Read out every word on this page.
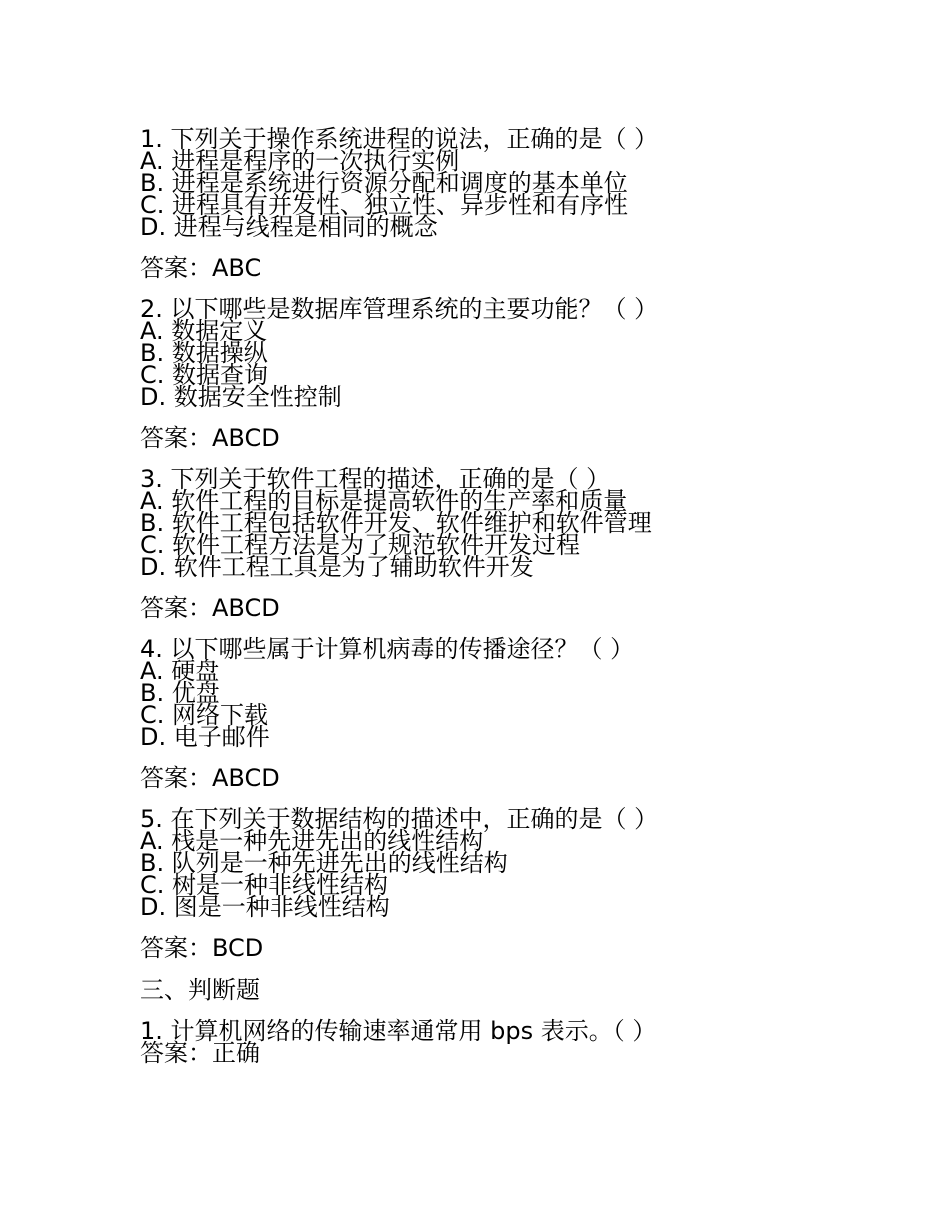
1. 下列关于操作系统进程的说法，正确的是（ ）
A. 进程是程序的一次执行实例
B. 进程是系统进行资源分配和调度的基本单位
C. 进程具有并发性、独立性、异步性和有序性
D. 进程与线程是相同的概念
答案：ABC
2. 以下哪些是数据库管理系统的主要功能？（ ）
A. 数据定义
B. 数据操纵
C. 数据查询
D. 数据安全性控制
答案：ABCD
3. 下列关于软件工程的描述，正确的是（ ）
A. 软件工程的目标是提高软件的生产率和质量
B. 软件工程包括软件开发、软件维护和软件管理
C. 软件工程方法是为了规范软件开发过程
D. 软件工程工具是为了辅助软件开发
答案：ABCD
4. 以下哪些属于计算机病毒的传播途径？（ ）
A. 硬盘
B. 优盘
C. 网络下载
D. 电子邮件
答案：ABCD
5. 在下列关于数据结构的描述中，正确的是（ ）
A. 栈是一种先进先出的线性结构
B. 队列是一种先进先出的线性结构
C. 树是一种非线性结构
D. 图是一种非线性结构
答案：BCD
三、判断题
1. 计算机网络的传输速率通常用 bps 表示。（ ）
答案：正确
